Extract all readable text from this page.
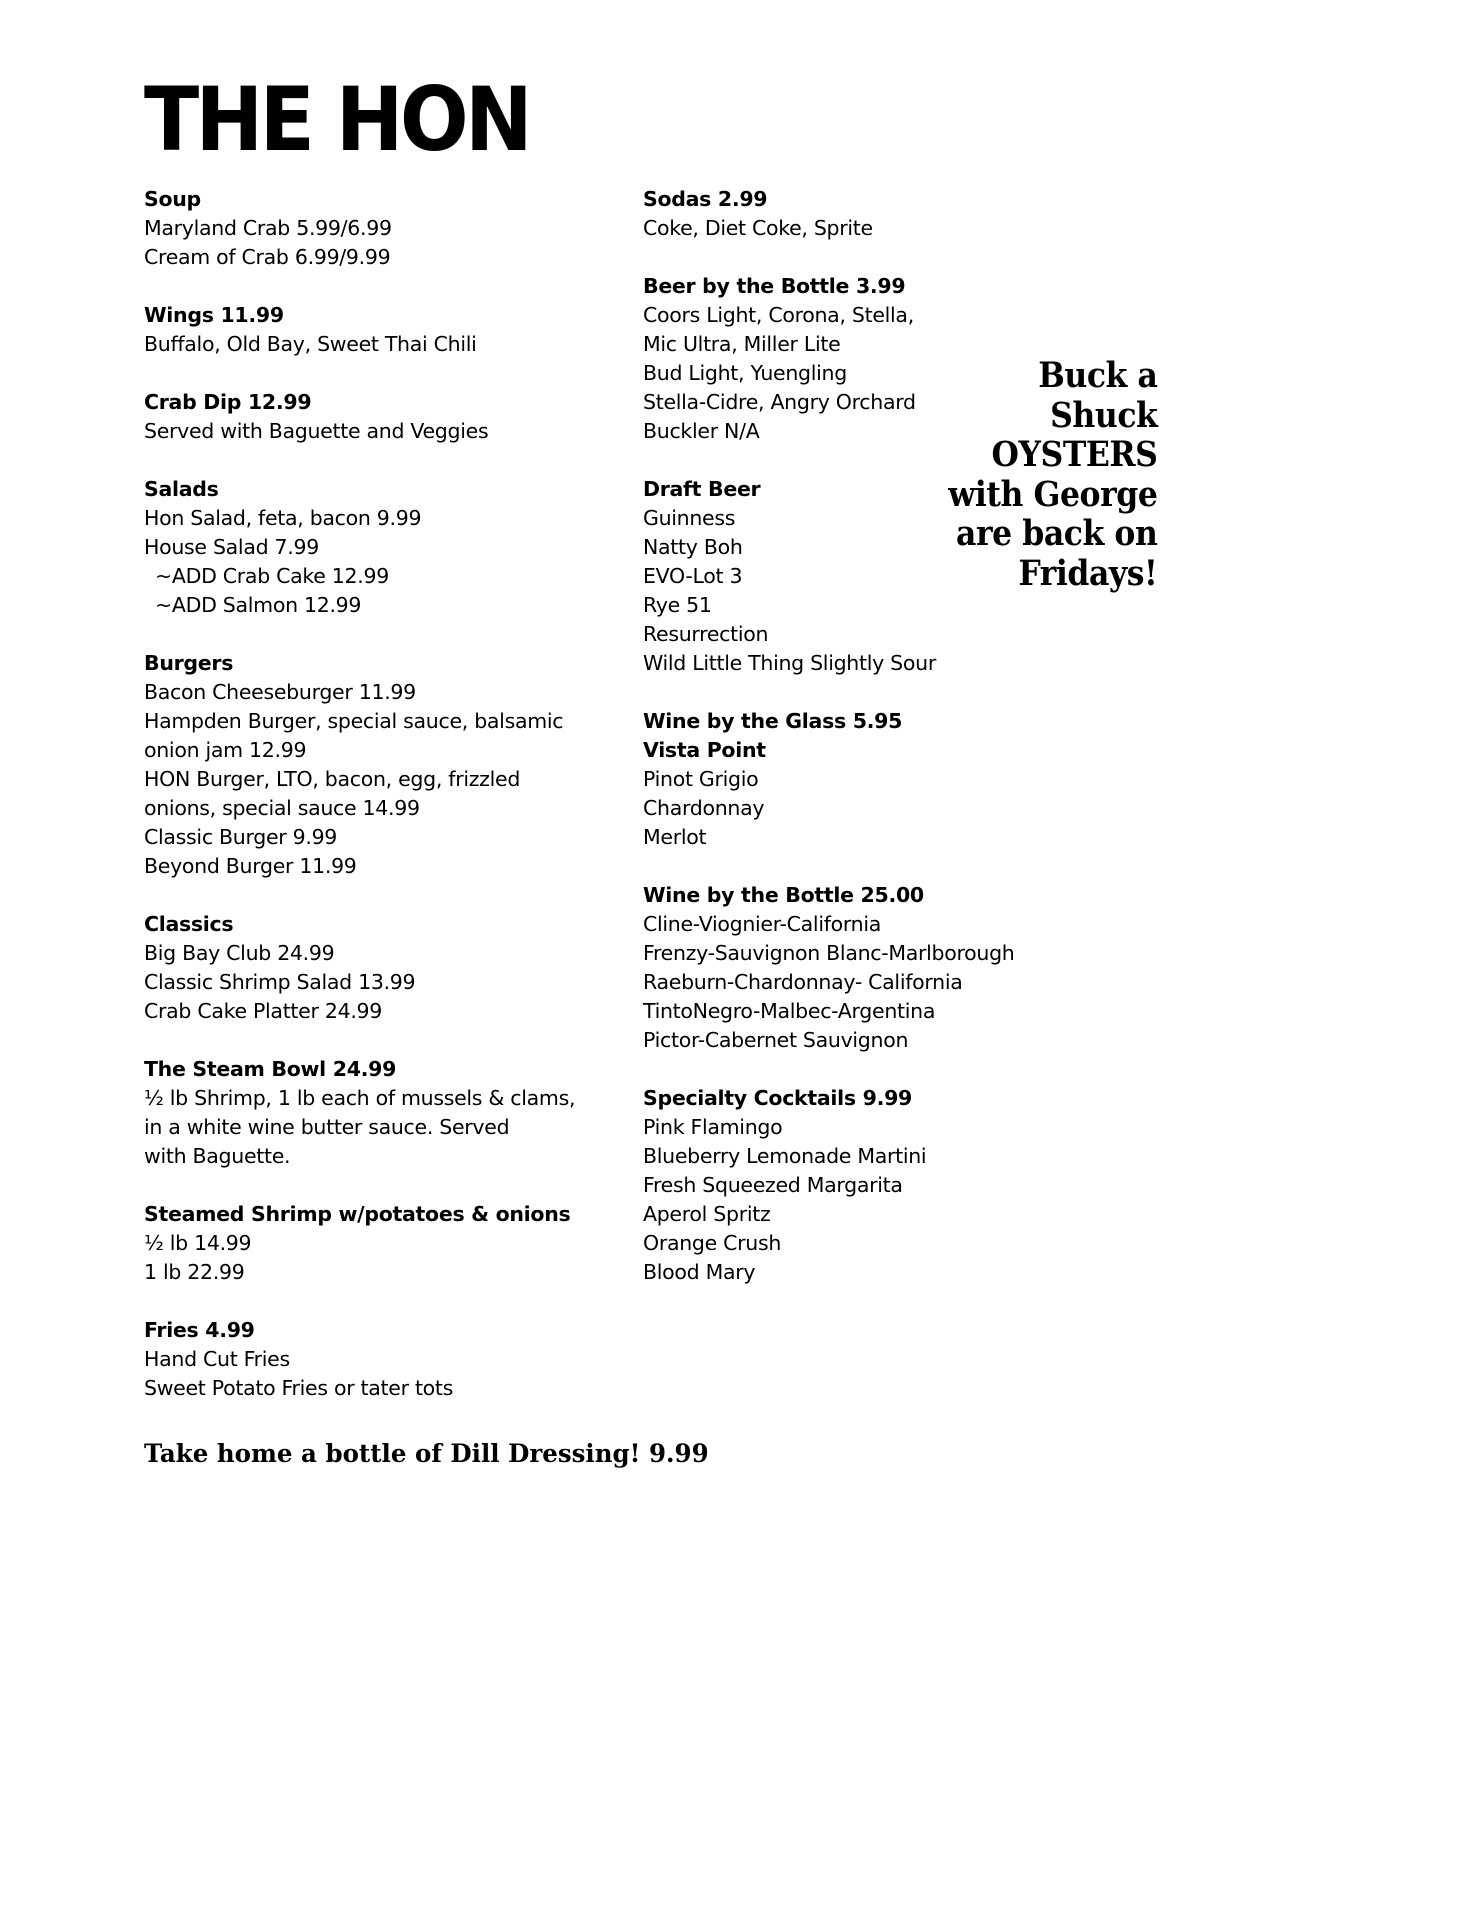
THE HON
Soup
Maryland Crab 5.99/6.99
Cream of Crab 6.99/9.99
Wings 11.99
Buffalo, Old Bay, Sweet Thai Chili
Crab Dip 12.99
Served with Baguette and Veggies
Salads
Hon Salad, feta, bacon 9.99
House Salad 7.99
~ADD Crab Cake 12.99
~ADD Salmon 12.99
Burgers
Bacon Cheeseburger 11.99
Hampden Burger, special sauce, balsamic
onion jam 12.99
HON Burger, LTO, bacon, egg, frizzled
onions, special sauce 14.99
Classic Burger 9.99
Beyond Burger 11.99
Classics
Big Bay Club 24.99
Classic Shrimp Salad 13.99
Crab Cake Platter 24.99
The Steam Bowl 24.99
½ lb Shrimp, 1 lb each of mussels & clams,
in a white wine butter sauce. Served
with Baguette.
Steamed Shrimp w/potatoes & onions
½ lb 14.99
1 lb 22.99
Fries 4.99
Hand Cut Fries
Sweet Potato Fries or tater tots
Sodas 2.99
Coke, Diet Coke, Sprite
Beer by the Bottle 3.99
Coors Light, Corona, Stella,
Mic Ultra, Miller Lite
Bud Light, Yuengling
Stella-Cidre, Angry Orchard
Buckler N/A
Draft Beer
Guinness
Natty Boh
EVO-Lot 3
Rye 51
Resurrection
Wild Little Thing Slightly Sour
Wine by the Glass 5.95
Vista Point
Pinot Grigio
Chardonnay
Merlot
Wine by the Bottle 25.00
Cline-Viognier-California
Frenzy-Sauvignon Blanc-Marlborough
Raeburn-Chardonnay- California
TintoNegro-Malbec-Argentina
Pictor-Cabernet Sauvignon
Specialty Cocktails 9.99
Pink Flamingo
Blueberry Lemonade Martini
Fresh Squeezed Margarita
Aperol Spritz
Orange Crush
Blood Mary
Buck a
Shuck
OYSTERS
with George
are back on
Fridays!
Take home a bottle of Dill Dressing! 9.99
